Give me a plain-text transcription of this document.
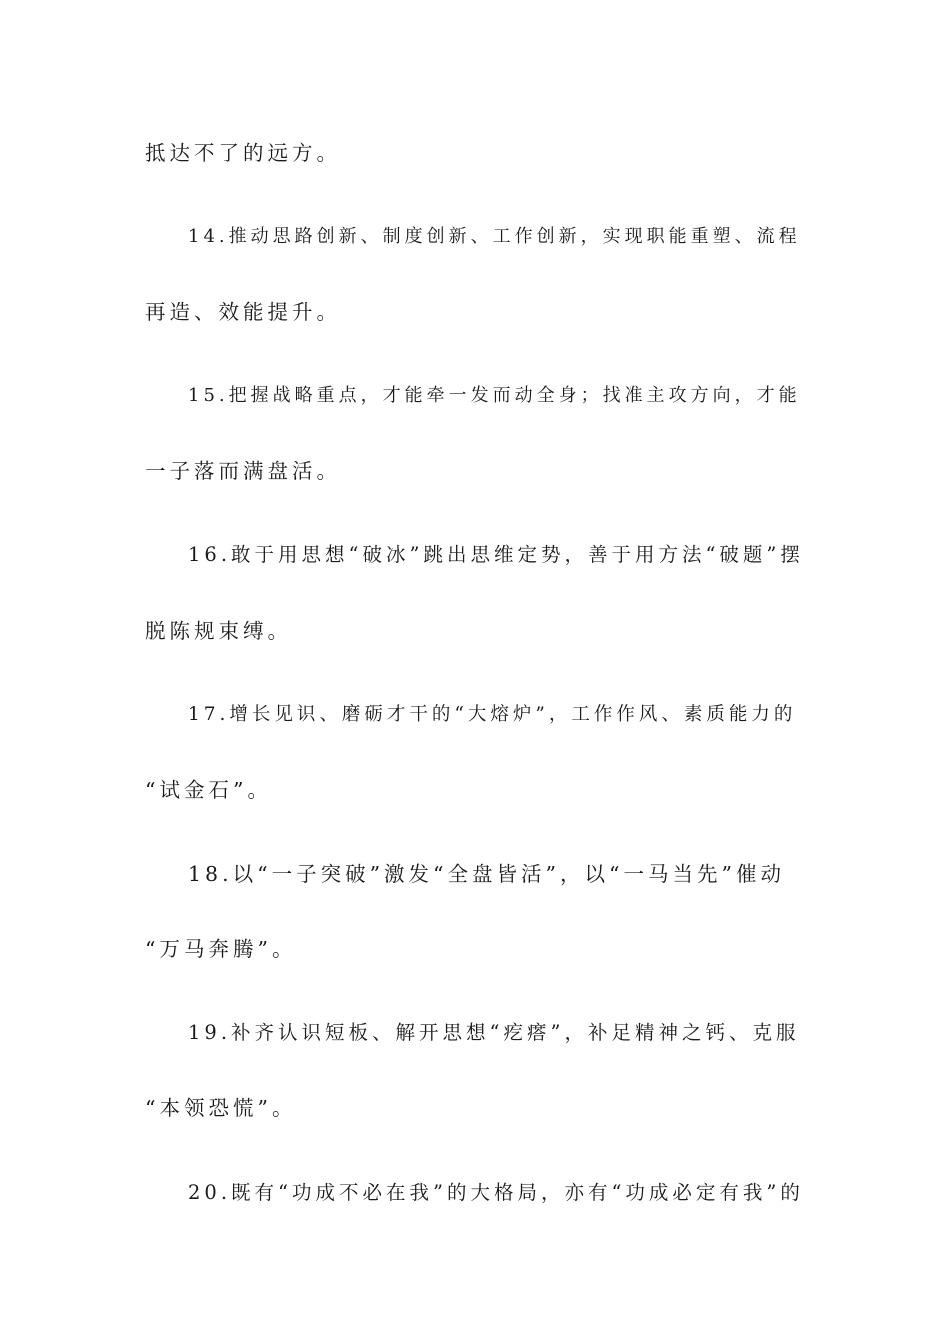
抵达不了的远方。
14.推动思路创新、制度创新、工作创新，实现职能重塑、流程
再造、效能提升。
15.把握战略重点，才能牵一发而动全身；找准主攻方向，才能
一子落而满盘活。
16.敢于用思想“破冰”跳出思维定势，善于用方法“破题”摆
脱陈规束缚。
17.增长见识、磨砺才干的“大熔炉”，工作作风、素质能力的
“试金石”。
18.以“一子突破”激发“全盘皆活”，以“一马当先”催动
“万马奔腾”。
19.补齐认识短板、解开思想“疙瘩”，补足精神之钙、克服
“本领恐慌”。
20.既有“功成不必在我”的大格局，亦有“功成必定有我”的
